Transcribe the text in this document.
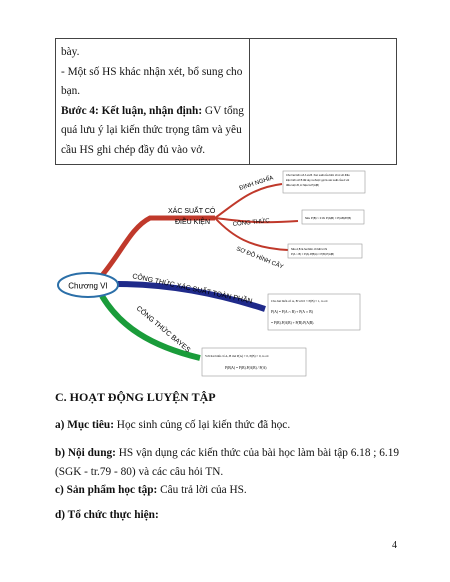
bày.
- Một số HS khác nhận xét, bổ sung cho
bạn.
Bước 4: Kết luận, nhận định: GV tổng
quá lưu ý lại kiến thức trọng tâm và yêu
cầu HS ghi chép đầy đủ vào vở.

Chương VI
XÁC SUẤT CÓ
ĐIỀU KIỆN
ĐỊNH NGHĨA
CÔNG THỨC
SƠ ĐỒ HÌNH CÂY
Cho hai biến cố A và B. Xác suất của biến cố A với điều
kiện biến cố B đã xảy ra được gọi là xác suất của A với
điều kiện B, kí hiệu là P(A|B)
Nếu P(B) > 0 thì P(A|B) = P(AB)/P(B)
Nếu A,B là hai biến cố bất kì thì
P(A ∩ B) = P(A).P(B|A) = P(B).P(A|B)
CÔNG THỨC XÁC SUẤT TOÀN PHẦN	Cho hai biến cố A, B với 0 < P(B) < 1, ta có:
P(A) = P(A ∩ B) + P(A ∩ B̄)
= P(B).P(A|B) + P(B̄).P(A|B̄).
CÔNG THỨC BAYES
Với hai biến cố A, B mà P(A) > 0, P(B) > 0, ta có:
P(B|A) = P(B).P(A|B) / P(A)
C. HOẠT ĐỘNG LUYỆN TẬP
a) Mục tiêu: Học sinh củng cố lại kiến thức đã học.
b) Nội dung: HS vận dụng các kiến thức của bài học làm bài tập 6.18 ; 6.19 (SGK - tr.79 - 80) và các câu hỏi TN.
c) Sản phẩm học tập: Câu trả lời của HS.
d) Tổ chức thực hiện:
4
